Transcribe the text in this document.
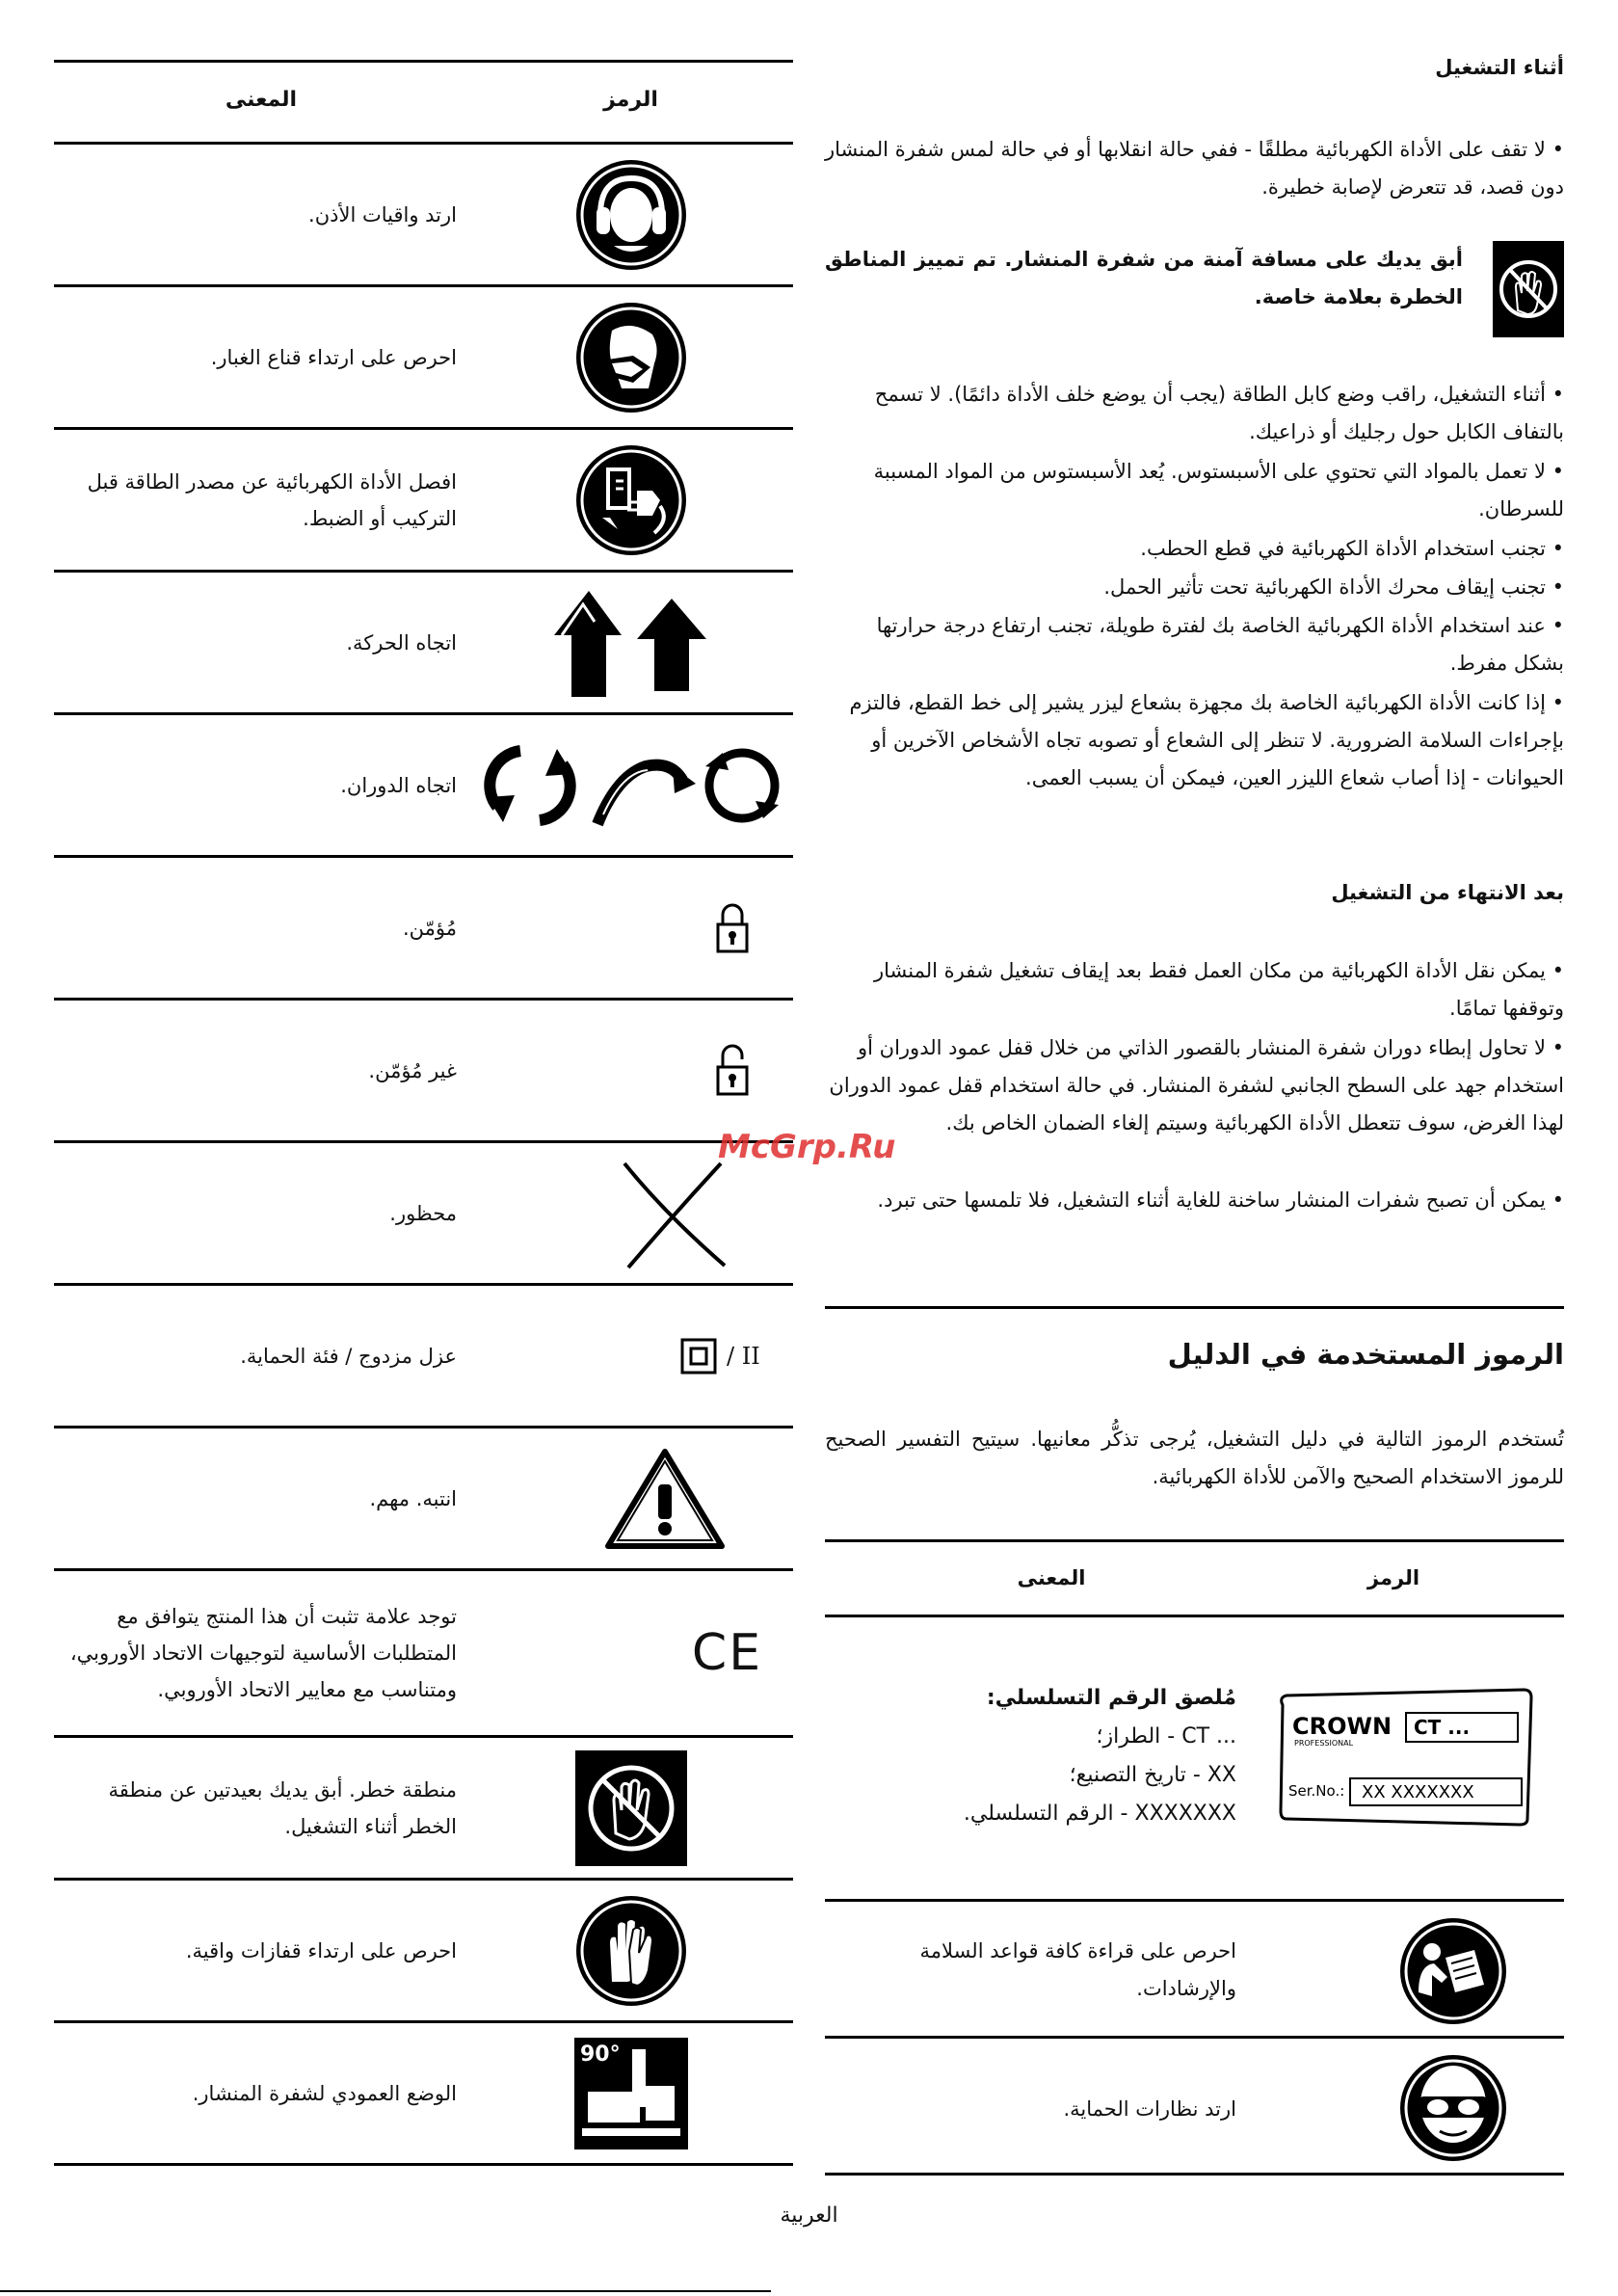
المعنى	الرمز
ارتد واقيات الأذن.
احرص على ارتداء قناع الغبار.
افصل الأداة الكهربائية عن مصدر الطاقة قبل التركيب أو الضبط.
اتجاه الحركة.
اتجاه الدوران.
مُؤمّن.
غير مُؤمّن.
محظور.
عزل مزدوج / فئة الحماية.	/ II
انتبه. مهم.
توجد علامة تثبت أن هذا المنتج يتوافق مع المتطلبات الأساسية لتوجيهات الاتحاد الأوروبي، ومتناسب مع معايير الاتحاد الأوروبي.
CE
منطقة خطر. أبق يديك بعيدتين عن منطقة الخطر أثناء التشغيل.
احرص على ارتداء قفازات واقية.
الوضع العمودي لشفرة المنشار.
90°
أثناء التشغيل
• لا تقف على الأداة الكهربائية مطلقًا - ففي حالة انقلابها أو في حالة لمس شفرة المنشار دون قصد، قد تتعرض لإصابة خطيرة.
أبق يديك على مسافة آمنة من شفرة المنشار. تم تمييز المناطق الخطرة بعلامة خاصة.
• أثناء التشغيل، راقب وضع كابل الطاقة (يجب أن يوضع خلف الأداة دائمًا). لا تسمح بالتفاف الكابل حول رجليك أو ذراعيك.
• لا تعمل بالمواد التي تحتوي على الأسبستوس. يُعد الأسبستوس من المواد المسببة للسرطان.
• تجنب استخدام الأداة الكهربائية في قطع الحطب.
• تجنب إيقاف محرك الأداة الكهربائية تحت تأثير الحمل.
• عند استخدام الأداة الكهربائية الخاصة بك لفترة طويلة، تجنب ارتفاع درجة حرارتها بشكل مفرط.
• إذا كانت الأداة الكهربائية الخاصة بك مجهزة بشعاع ليزر يشير إلى خط القطع، فالتزم بإجراءات السلامة الضرورية. لا تنظر إلى الشعاع أو تصوبه تجاه الأشخاص الآخرين أو الحيوانات - إذا أصاب شعاع الليزر العين، فيمكن أن يسبب العمى.
بعد الانتهاء من التشغيل
• يمكن نقل الأداة الكهربائية من مكان العمل فقط بعد إيقاف تشغيل شفرة المنشار وتوقفها تمامًا.
• لا تحاول إبطاء دوران شفرة المنشار بالقصور الذاتي من خلال قفل عمود الدوران أو استخدام جهد على السطح الجانبي لشفرة المنشار. في حالة استخدام قفل عمود الدوران لهذا الغرض، سوف تتعطل الأداة الكهربائية وسيتم إلغاء الضمان الخاص بك.
• يمكن أن تصبح شفرات المنشار ساخنة للغاية أثناء التشغيل، فلا تلمسها حتى تبرد.
الرموز المستخدمة في الدليل
تُستخدم الرموز التالية في دليل التشغيل، يُرجى تذكُّر معانيها. سيتيح التفسير الصحيح للرموز الاستخدام الصحيح والآمن للأداة الكهربائية.
المعنى	الرمز
مُلصق الرقم التسلسلي:
... CT - الطراز؛
XX - تاريخ التصنيع؛
XXXXXXX - الرقم التسلسلي.
CROWN
PROFESSIONAL
CT ...
Ser.No.: XX XXXXXXX
احرص على قراءة كافة قواعد السلامة والإرشادات.
ارتد نظارات الحماية.
العربية
McGrp.Ru
